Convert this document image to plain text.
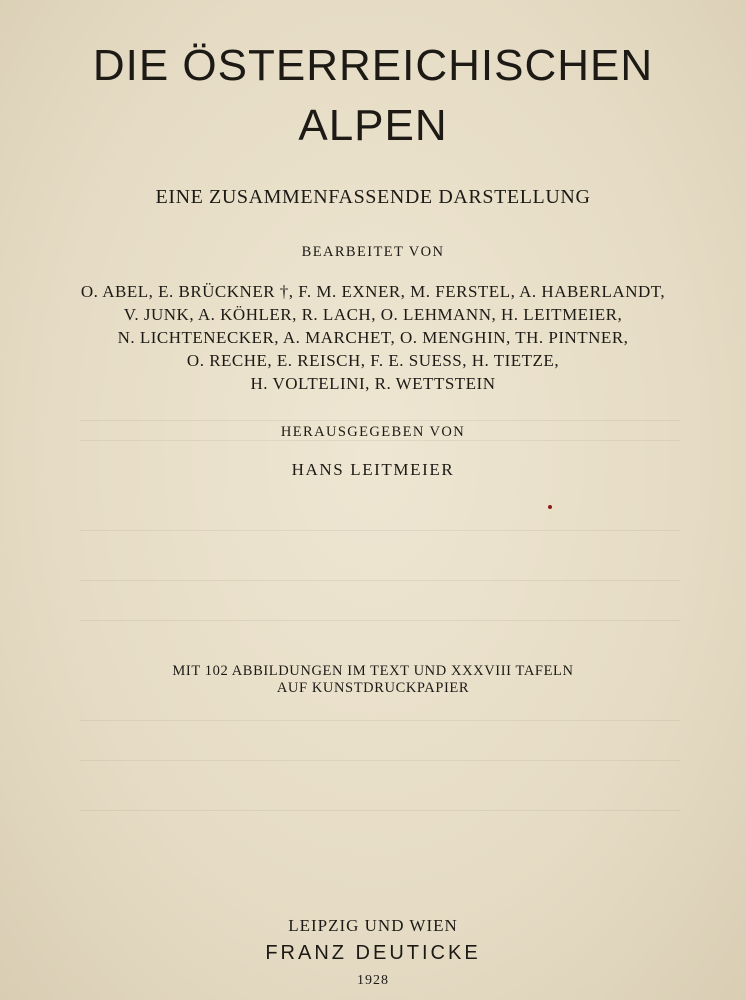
DIE ÖSTERREICHISCHEN
ALPEN
EINE ZUSAMMENFASSENDE DARSTELLUNG
BEARBEITET VON
O. ABEL, E. BRÜCKNER †, F. M. EXNER, M. FERSTEL, A. HABERLANDT,
V. JUNK, A. KÖHLER, R. LACH, O. LEHMANN, H. LEITMEIER,
N. LICHTENECKER, A. MARCHET, O. MENGHIN, TH. PINTNER,
O. RECHE, E. REISCH, F. E. SUESS, H. TIETZE,
H. VOLTELINI, R. WETTSTEIN
HERAUSGEGEBEN VON
HANS LEITMEIER
MIT 102 ABBILDUNGEN IM TEXT UND XXXVIII TAFELN
AUF KUNSTDRUCKPAPIER
LEIPZIG UND WIEN
FRANZ DEUTICKE
1928
